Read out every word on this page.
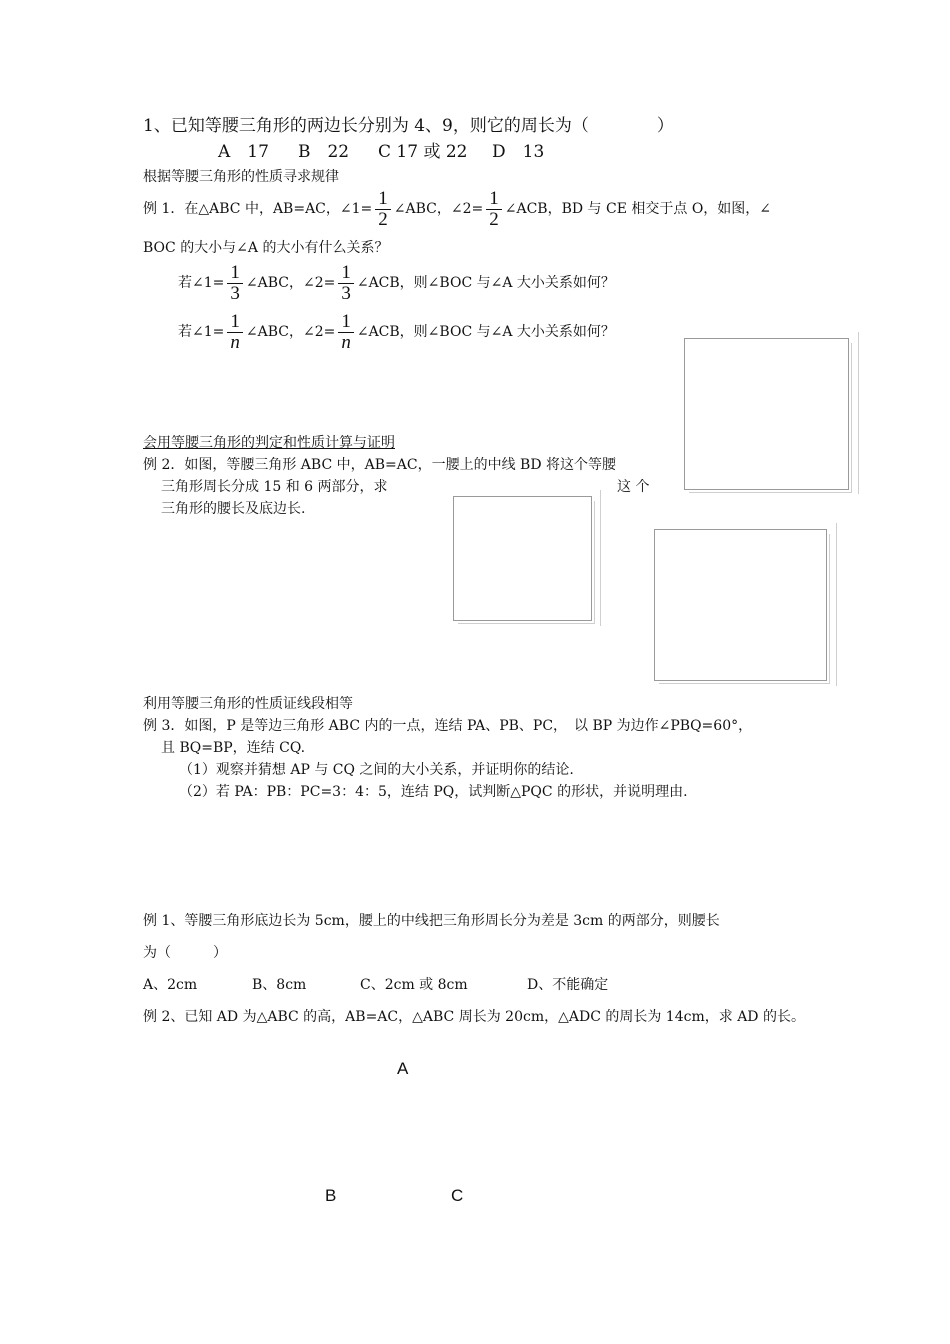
1、已知等腰三角形的两边长分别为 4、9，则它的周长为（　　　　）
A　17 B　22 C 17 或 22 D　13
根据等腰三角形的性质寻求规律
例 1．在△ABC 中，AB=AC，∠1= $\frac{1}{2}$ ∠ABC，∠2= $\frac{1}{2}$ ∠ACB，BD 与 CE 相交于点 O，如图，∠
BOC 的大小与∠A 的大小有什么关系？
若∠1= $\frac{1}{3}$ ∠ABC，∠2= $\frac{1}{3}$ ∠ACB，则∠BOC 与∠A 大小关系如何？
若∠1= $\frac{1}{n}$ ∠ABC，∠2= $\frac{1}{n}$ ∠ACB，则∠BOC 与∠A 大小关系如何？
会用等腰三角形的判定和性质计算与证明
例 2．如图，等腰三角形 ABC 中，AB=AC，一腰上的中线 BD 将这个等腰
三角形周长分成 15 和 6 两部分，求	这 个
三角形的腰长及底边长.
利用等腰三角形的性质证线段相等
例 3．如图，P 是等边三角形 ABC 内的一点，连结 PA、PB、PC，　以 BP 为边作∠PBQ=60°，
且 BQ=BP，连结 CQ.
（1）观察并猜想 AP 与 CQ 之间的大小关系，并证明你的结论.
（2）若 PA：PB：PC=3：4：5，连结 PQ，试判断△PQC 的形状，并说明理由.
例 1、等腰三角形底边长为 5cm，腰上的中线把三角形周长分为差是 3cm 的两部分，则腰长
为（　　　）
A、2cm	B、8cm	C、2cm 或 8cm	D、不能确定
例 2、已知 AD 为△ABC 的高，AB=AC，△ABC 周长为 20cm，△ADC 的周长为 14cm，求 AD 的长。
A
B	C
